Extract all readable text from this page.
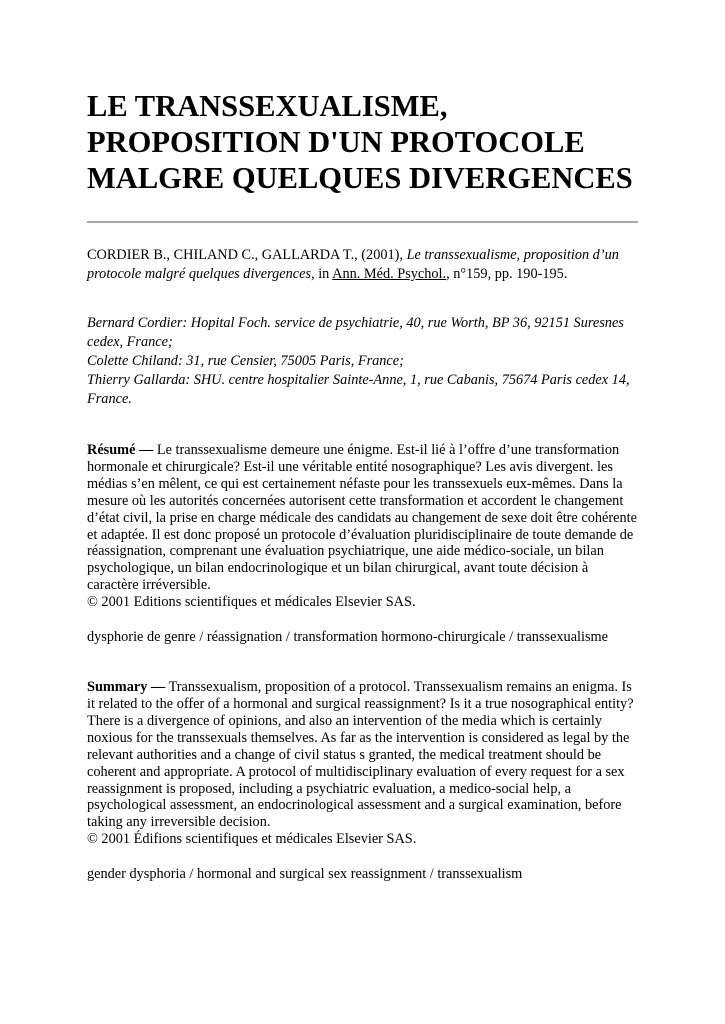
LE TRANSSEXUALISME,
PROPOSITION D'UN PROTOCOLE
MALGRE QUELQUES DIVERGENCES

CORDIER B., CHILAND C., GALLARDA T., (2001), Le transsexualisme, proposition d’un protocole malgré quelques divergences, in Ann. Méd. Psychol., n°159, pp. 190-195.

Bernard Cordier: Hopital Foch. service de psychiatrie, 40, rue Worth, BP 36, 92151 Suresnes cedex, France;
Colette Chiland: 31, rue Censier, 75005 Paris, France;
Thierry Gallarda: SHU. centre hospitalier Sainte-Anne, 1, rue Cabanis, 75674 Paris cedex 14, France.
Résumé — Le transsexualisme demeure une énigme. Est-il lié à l’offre d’une transformation hormonale et chirurgicale? Est-il une véritable entité nosographique? Les avis divergent. les médias s’en mêlent, ce qui est certainement néfaste pour les transsexuels eux-mêmes. Dans la mesure où les autorités concernées autorisent cette transformation et accordent le changement d’état civil, la prise en charge médicale des candidats au changement de sexe doit être cohérente et adaptée. Il est donc proposé un protocole d’évaluation pluridisciplinaire de toute demande de réassignation, comprenant une évaluation psychiatrique, une aide médico-sociale, un bilan psychologique, un bilan endocrinologique et un bilan chirurgical, avant toute décision à caractère irréversible.
© 2001 Editions scientifiques et médicales Elsevier SAS.
dysphorie de genre / réassignation / transformation hormono-chirurgicale / transsexualisme
Summary — Transsexualism, proposition of a protocol. Transsexualism remains an enigma. Is it related to the offer of a hormonal and surgical reassignment? Is it a true nosographical entity? There is a divergence of opinions, and also an intervention of the media which is certainly noxious for the transsexuals themselves. As far as the intervention is considered as legal by the relevant authorities and a change of civil status s granted, the medical treatment should be coherent and appropriate. A protocol of multidisciplinary evaluation of every request for a sex reassignment is proposed, including a psychiatric evaluation, a medico-social help, a psychological assessment, an endocrinological assessment and a surgical examination, before taking any irreversible decision.
© 2001 Édifions scientifiques et médicales Elsevier SAS.
gender dysphoria / hormonal and surgical sex reassignment / transsexualism
